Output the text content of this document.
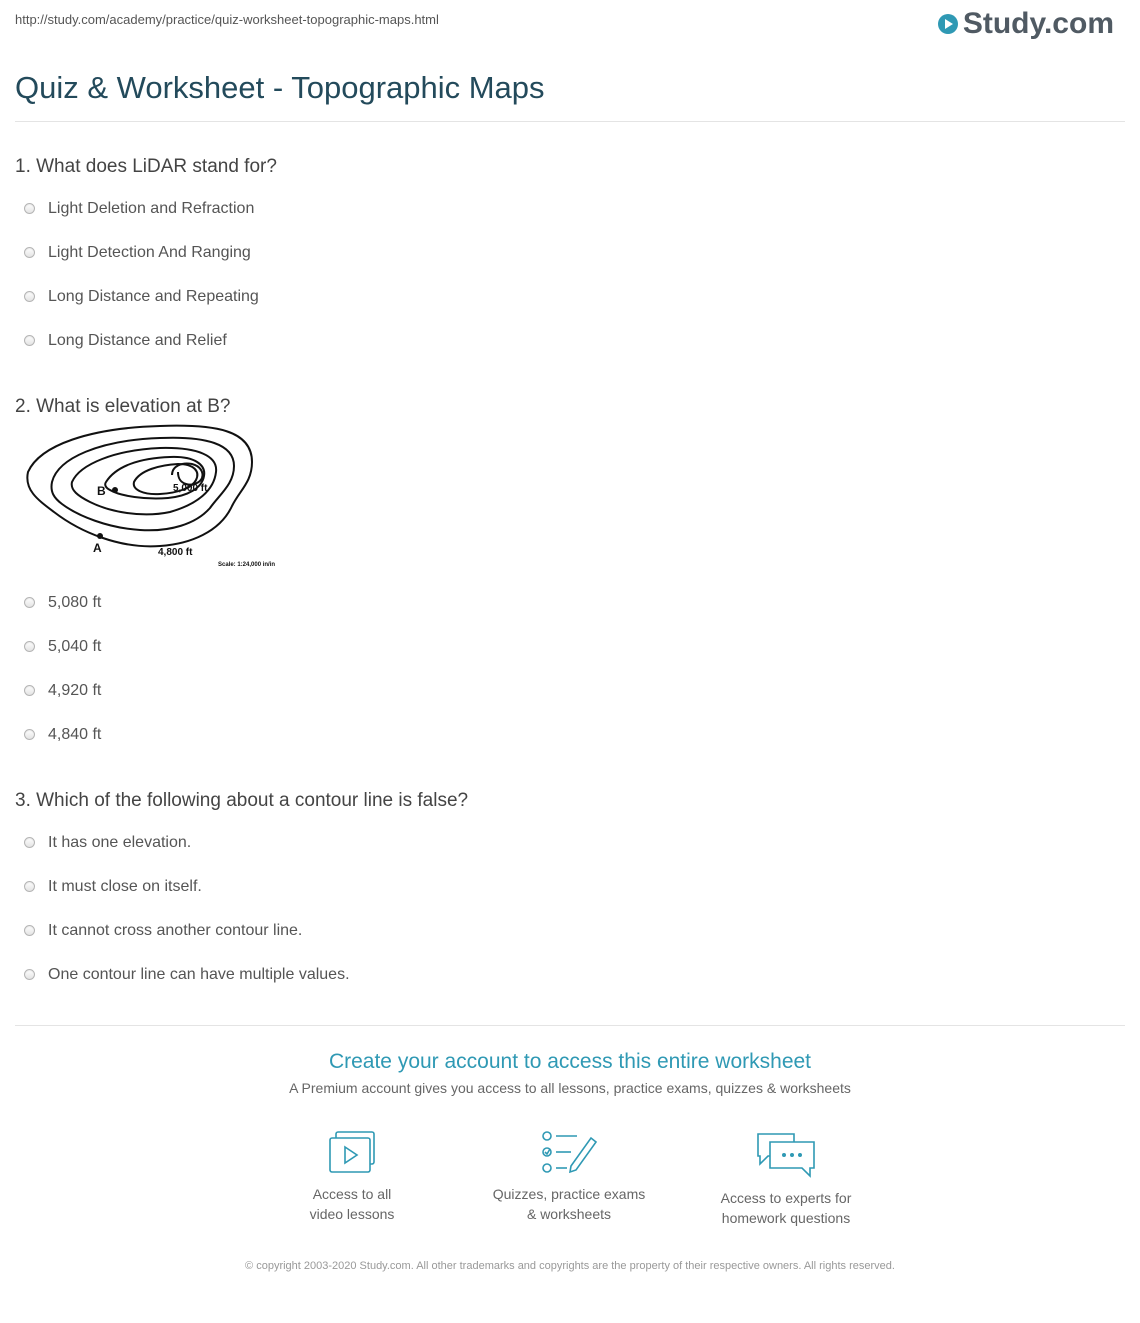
http://study.com/academy/practice/quiz-worksheet-topographic-maps.html	Study.com
Quiz & Worksheet - Topographic Maps
1. What does LiDAR stand for?
Light Deletion and Refraction
Light Detection And Ranging
Long Distance and Repeating
Long Distance and Relief
2. What is elevation at B?
B
A
5,000 ft
4,800 ft
Scale: 1:24,000 in/in
5,080 ft
5,040 ft
4,920 ft
4,840 ft
3. Which of the following about a contour line is false?
It has one elevation.
It must close on itself.
It cannot cross another contour line.
One contour line can have multiple values.
Create your account to access this entire worksheet
A Premium account gives you access to all lessons, practice exams, quizzes & worksheets
Access to all
video lessons
Quizzes, practice exams
& worksheets
Access to experts for
homework questions
© copyright 2003-2020 Study.com. All other trademarks and copyrights are the property of their respective owners. All rights reserved.
